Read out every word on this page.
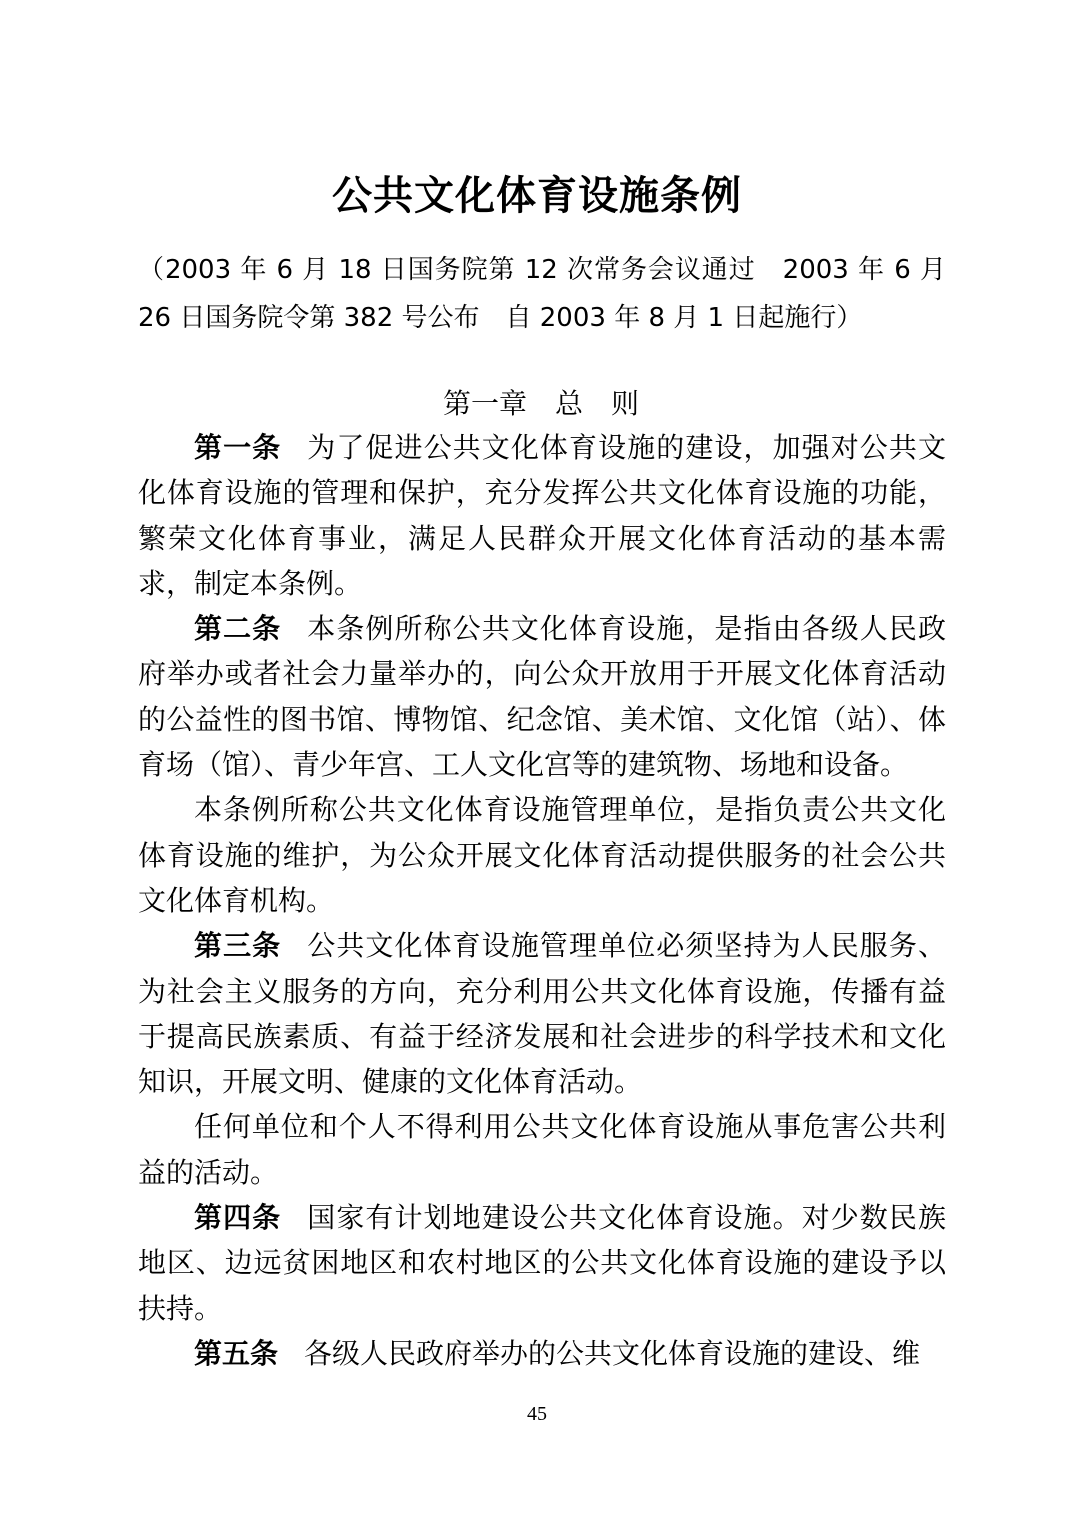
公共文化体育设施条例
（2003 年 6 月 18 日国务院第 12 次常务会议通过　2003 年 6 月 26 日国务院令第 382 号公布　自 2003 年 8 月 1 日起施行）
第一章　总　则

第一条 为了促进公共文化体育设施的建设，加强对公共文化体育设施的管理和保护，充分发挥公共文化体育设施的功能，繁荣文化体育事业，满足人民群众开展文化体育活动的基本需求，制定本条例。

第二条 本条例所称公共文化体育设施，是指由各级人民政府举办或者社会力量举办的，向公众开放用于开展文化体育活动的公益性的图书馆、博物馆、纪念馆、美术馆、文化馆（站）、体育场（馆）、青少年宫、工人文化宫等的建筑物、场地和设备。

本条例所称公共文化体育设施管理单位，是指负责公共文化体育设施的维护，为公众开展文化体育活动提供服务的社会公共文化体育机构。

第三条 公共文化体育设施管理单位必须坚持为人民服务、为社会主义服务的方向，充分利用公共文化体育设施，传播有益于提高民族素质、有益于经济发展和社会进步的科学技术和文化知识，开展文明、健康的文化体育活动。

任何单位和个人不得利用公共文化体育设施从事危害公共利益的活动。

第四条 国家有计划地建设公共文化体育设施。对少数民族地区、边远贫困地区和农村地区的公共文化体育设施的建设予以扶持。

第五条 各级人民政府举办的公共文化体育设施的建设、维

45
